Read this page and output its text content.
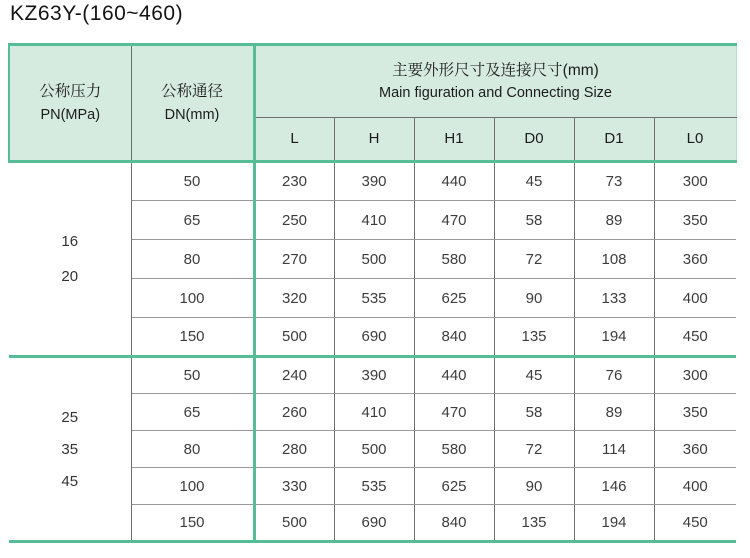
KZ63Y-(160~460)
公称压力
PN(MPa)

公称通径
DN(mm)

主要外形尺寸及连接尺寸(mm)
Main figuration and Connecting Size

		L	H	H1	D0	D1	L0

16
20	50	230	390	440	45	73	300
	65	250	410	470	58	89	350
	80	270	500	580	72	108	360
	100	320	535	625	90	133	400
	150	500	690	840	135	194	450

25
35
45	50	240	390	440	45	76	300
	65	260	410	470	58	89	350
	80	280	500	580	72	114	360
	100	330	535	625	90	146	400
	150	500	690	840	135	194	450
